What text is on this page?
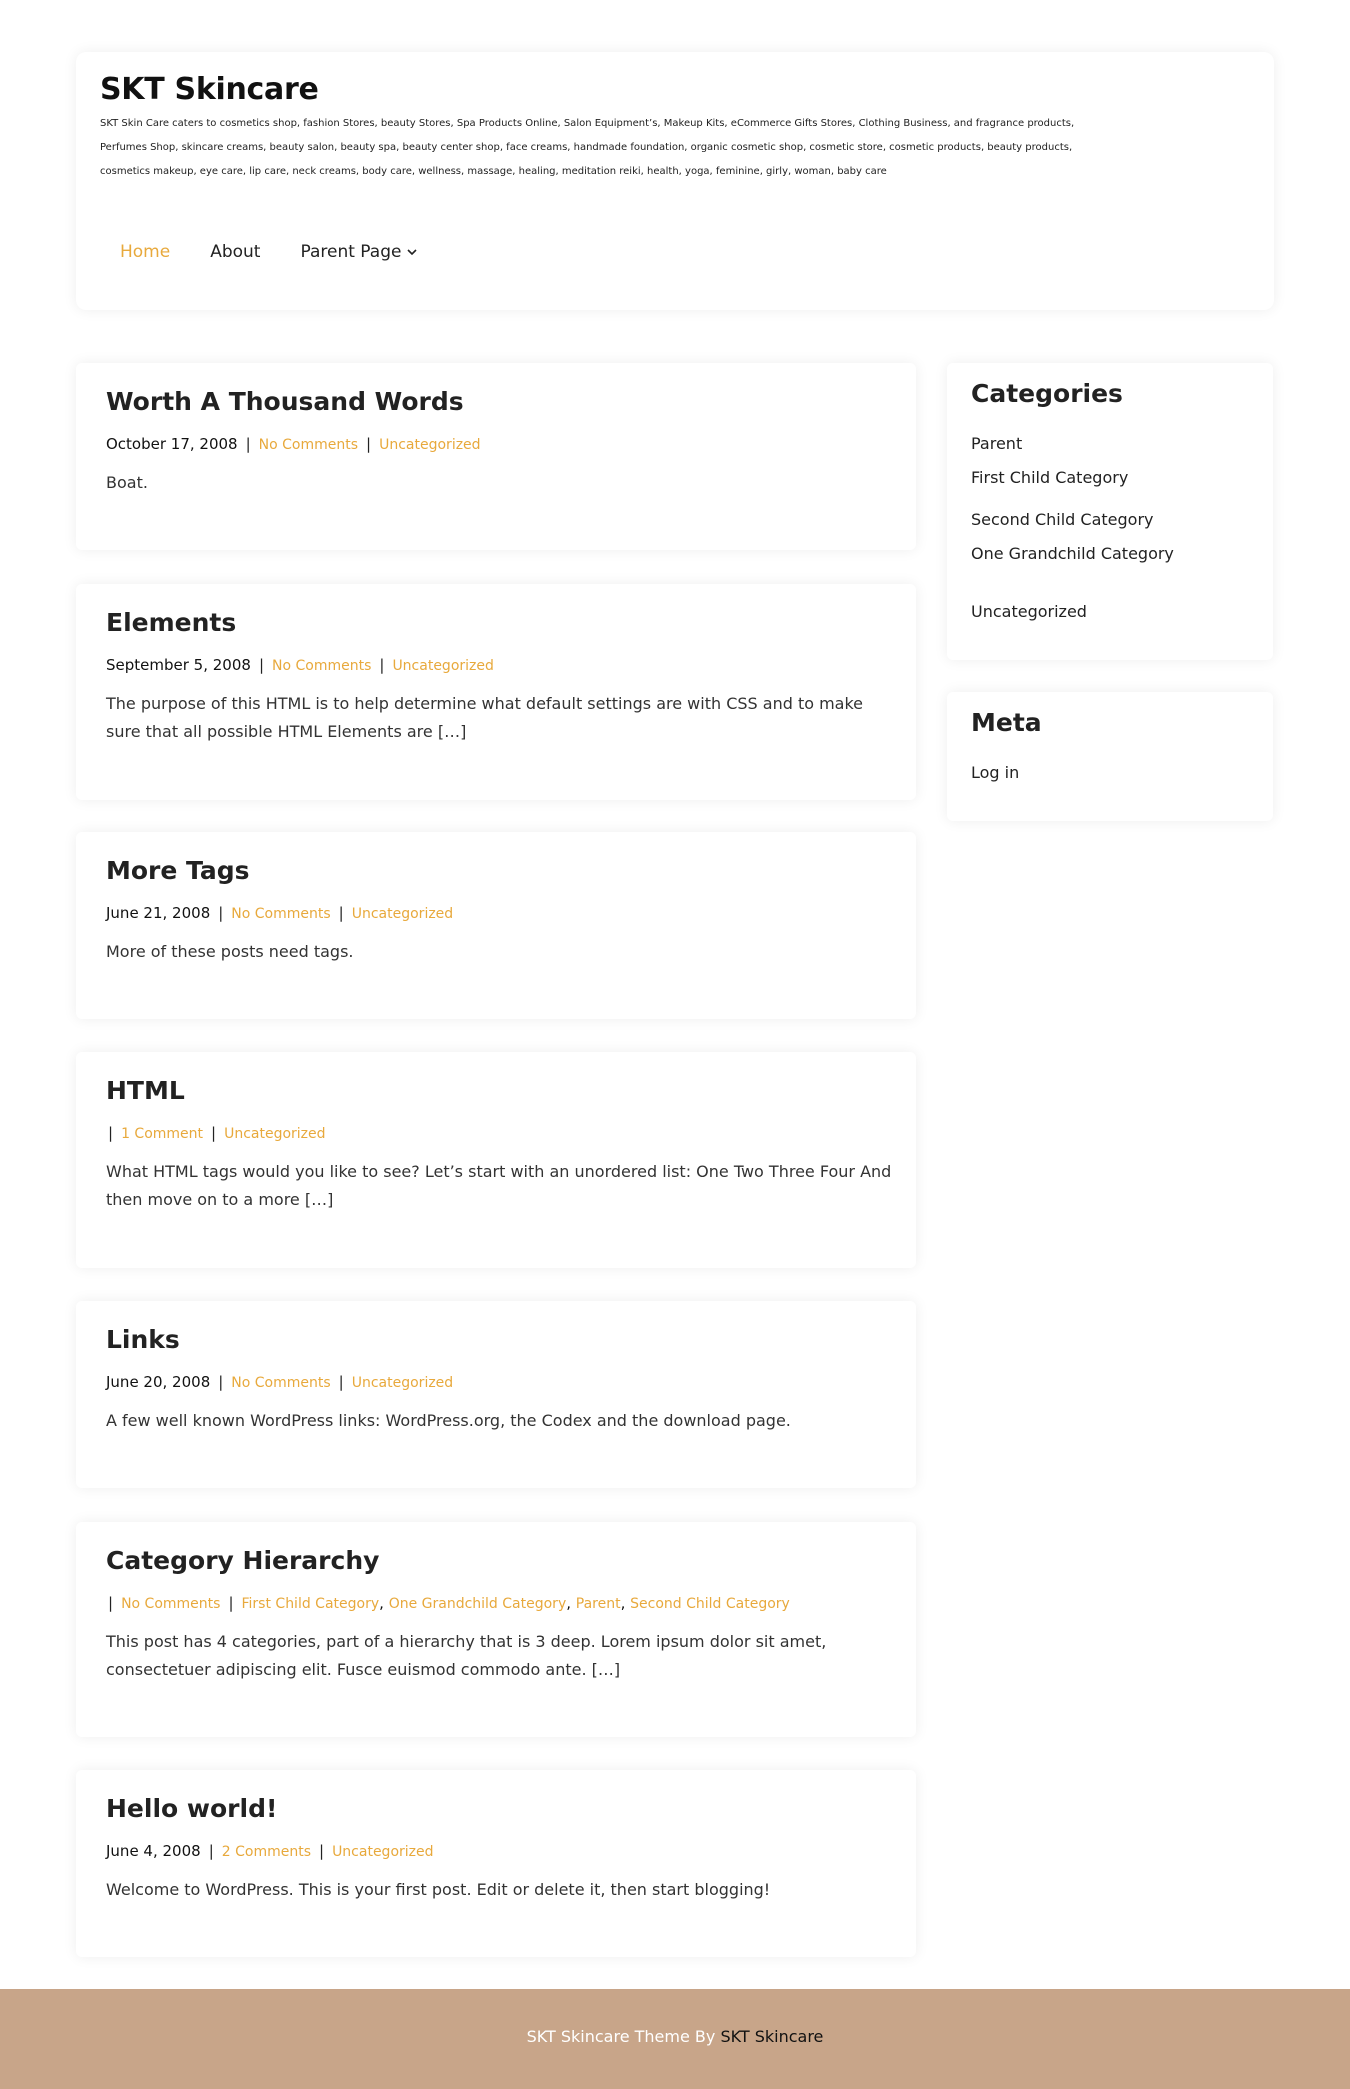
SKT Skincare

SKT Skin Care caters to cosmetics shop, fashion Stores, beauty Stores, Spa Products Online, Salon Equipment’s, Makeup Kits, eCommerce Gifts Stores, Clothing Business, and fragrance products, Perfumes Shop, skincare creams, beauty salon, beauty spa, beauty center shop, face creams, handmade foundation, organic cosmetic shop, cosmetic store, cosmetic products, beauty products, cosmetics makeup, eye care, lip care, neck creams, body care, wellness, massage, healing, meditation reiki, health, yoga, feminine, girly, woman, baby care

Home About Parent Page
Worth A Thousand Words
October 17, 2008 | No Comments | Uncategorized

Boat.

Elements
September 5, 2008 | No Comments | Uncategorized

The purpose of this HTML is to help determine what default settings are with CSS and to make sure that all possible HTML Elements are […]

More Tags
June 21, 2008 | No Comments | Uncategorized

More of these posts need tags.

HTML
| 1 Comment | Uncategorized

What HTML tags would you like to see? Let’s start with an unordered list: One Two Three Four And then move on to a more […]

Links
June 20, 2008 | No Comments | Uncategorized

A few well known WordPress links: WordPress.org, the Codex and the download page.

Category Hierarchy
| No Comments | First Child Category, One Grandchild Category, Parent, Second Child Category

This post has 4 categories, part of a hierarchy that is 3 deep. Lorem ipsum dolor sit amet, consectetuer adipiscing elit. Fusce euismod commodo ante. […]

Hello world!
June 4, 2008 | 2 Comments | Uncategorized

Welcome to WordPress. This is your first post. Edit or delete it, then start blogging!

Categories
Parent
First Child Category
Second Child Category
One Grandchild Category
Uncategorized
Meta
Log in

SKT Skincare Theme By SKT Skincare
